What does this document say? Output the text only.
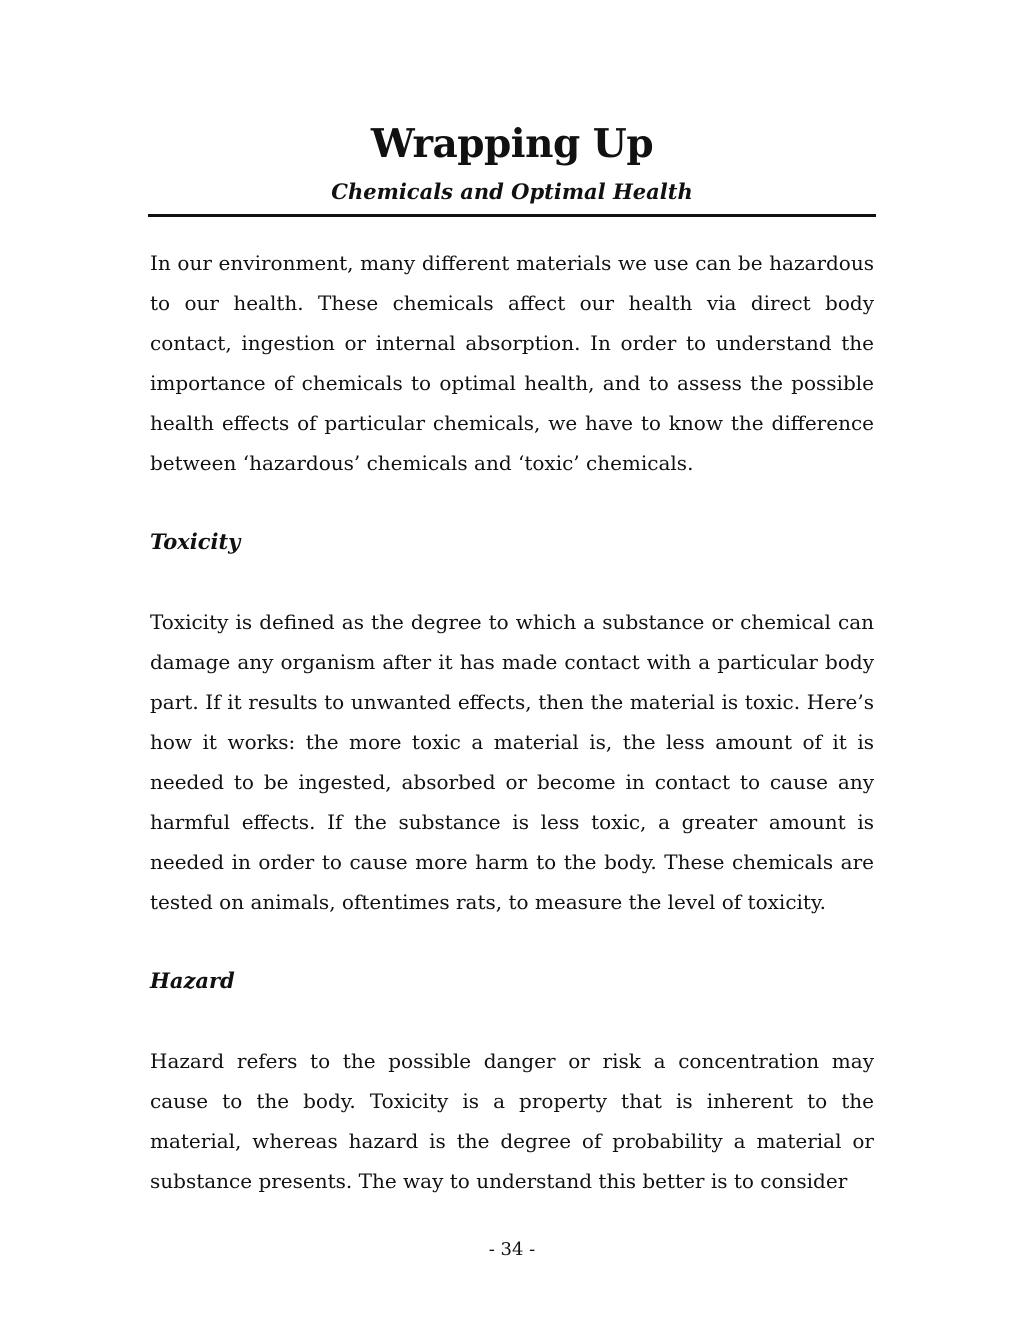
Wrapping Up
Chemicals and Optimal Health

In our environment, many different materials we use can be hazardous to our health. These chemicals affect our health via direct body contact, ingestion or internal absorption. In order to understand the importance of chemicals to optimal health, and to assess the possible health effects of particular chemicals, we have to know the difference between ‘hazardous’ chemicals and ‘toxic’ chemicals.

Toxicity

Toxicity is defined as the degree to which a substance or chemical can damage any organism after it has made contact with a particular body part. If it results to unwanted effects, then the material is toxic. Here’s how it works: the more toxic a material is, the less amount of it is needed to be ingested, absorbed or become in contact to cause any harmful effects. If the substance is less toxic, a greater amount is needed in order to cause more harm to the body. These chemicals are tested on animals, oftentimes rats, to measure the level of toxicity.

Hazard

Hazard refers to the possible danger or risk a concentration may cause to the body. Toxicity is a property that is inherent to the material, whereas hazard is the degree of probability a material or substance presents. The way to understand this better is to consider

- 34 -
